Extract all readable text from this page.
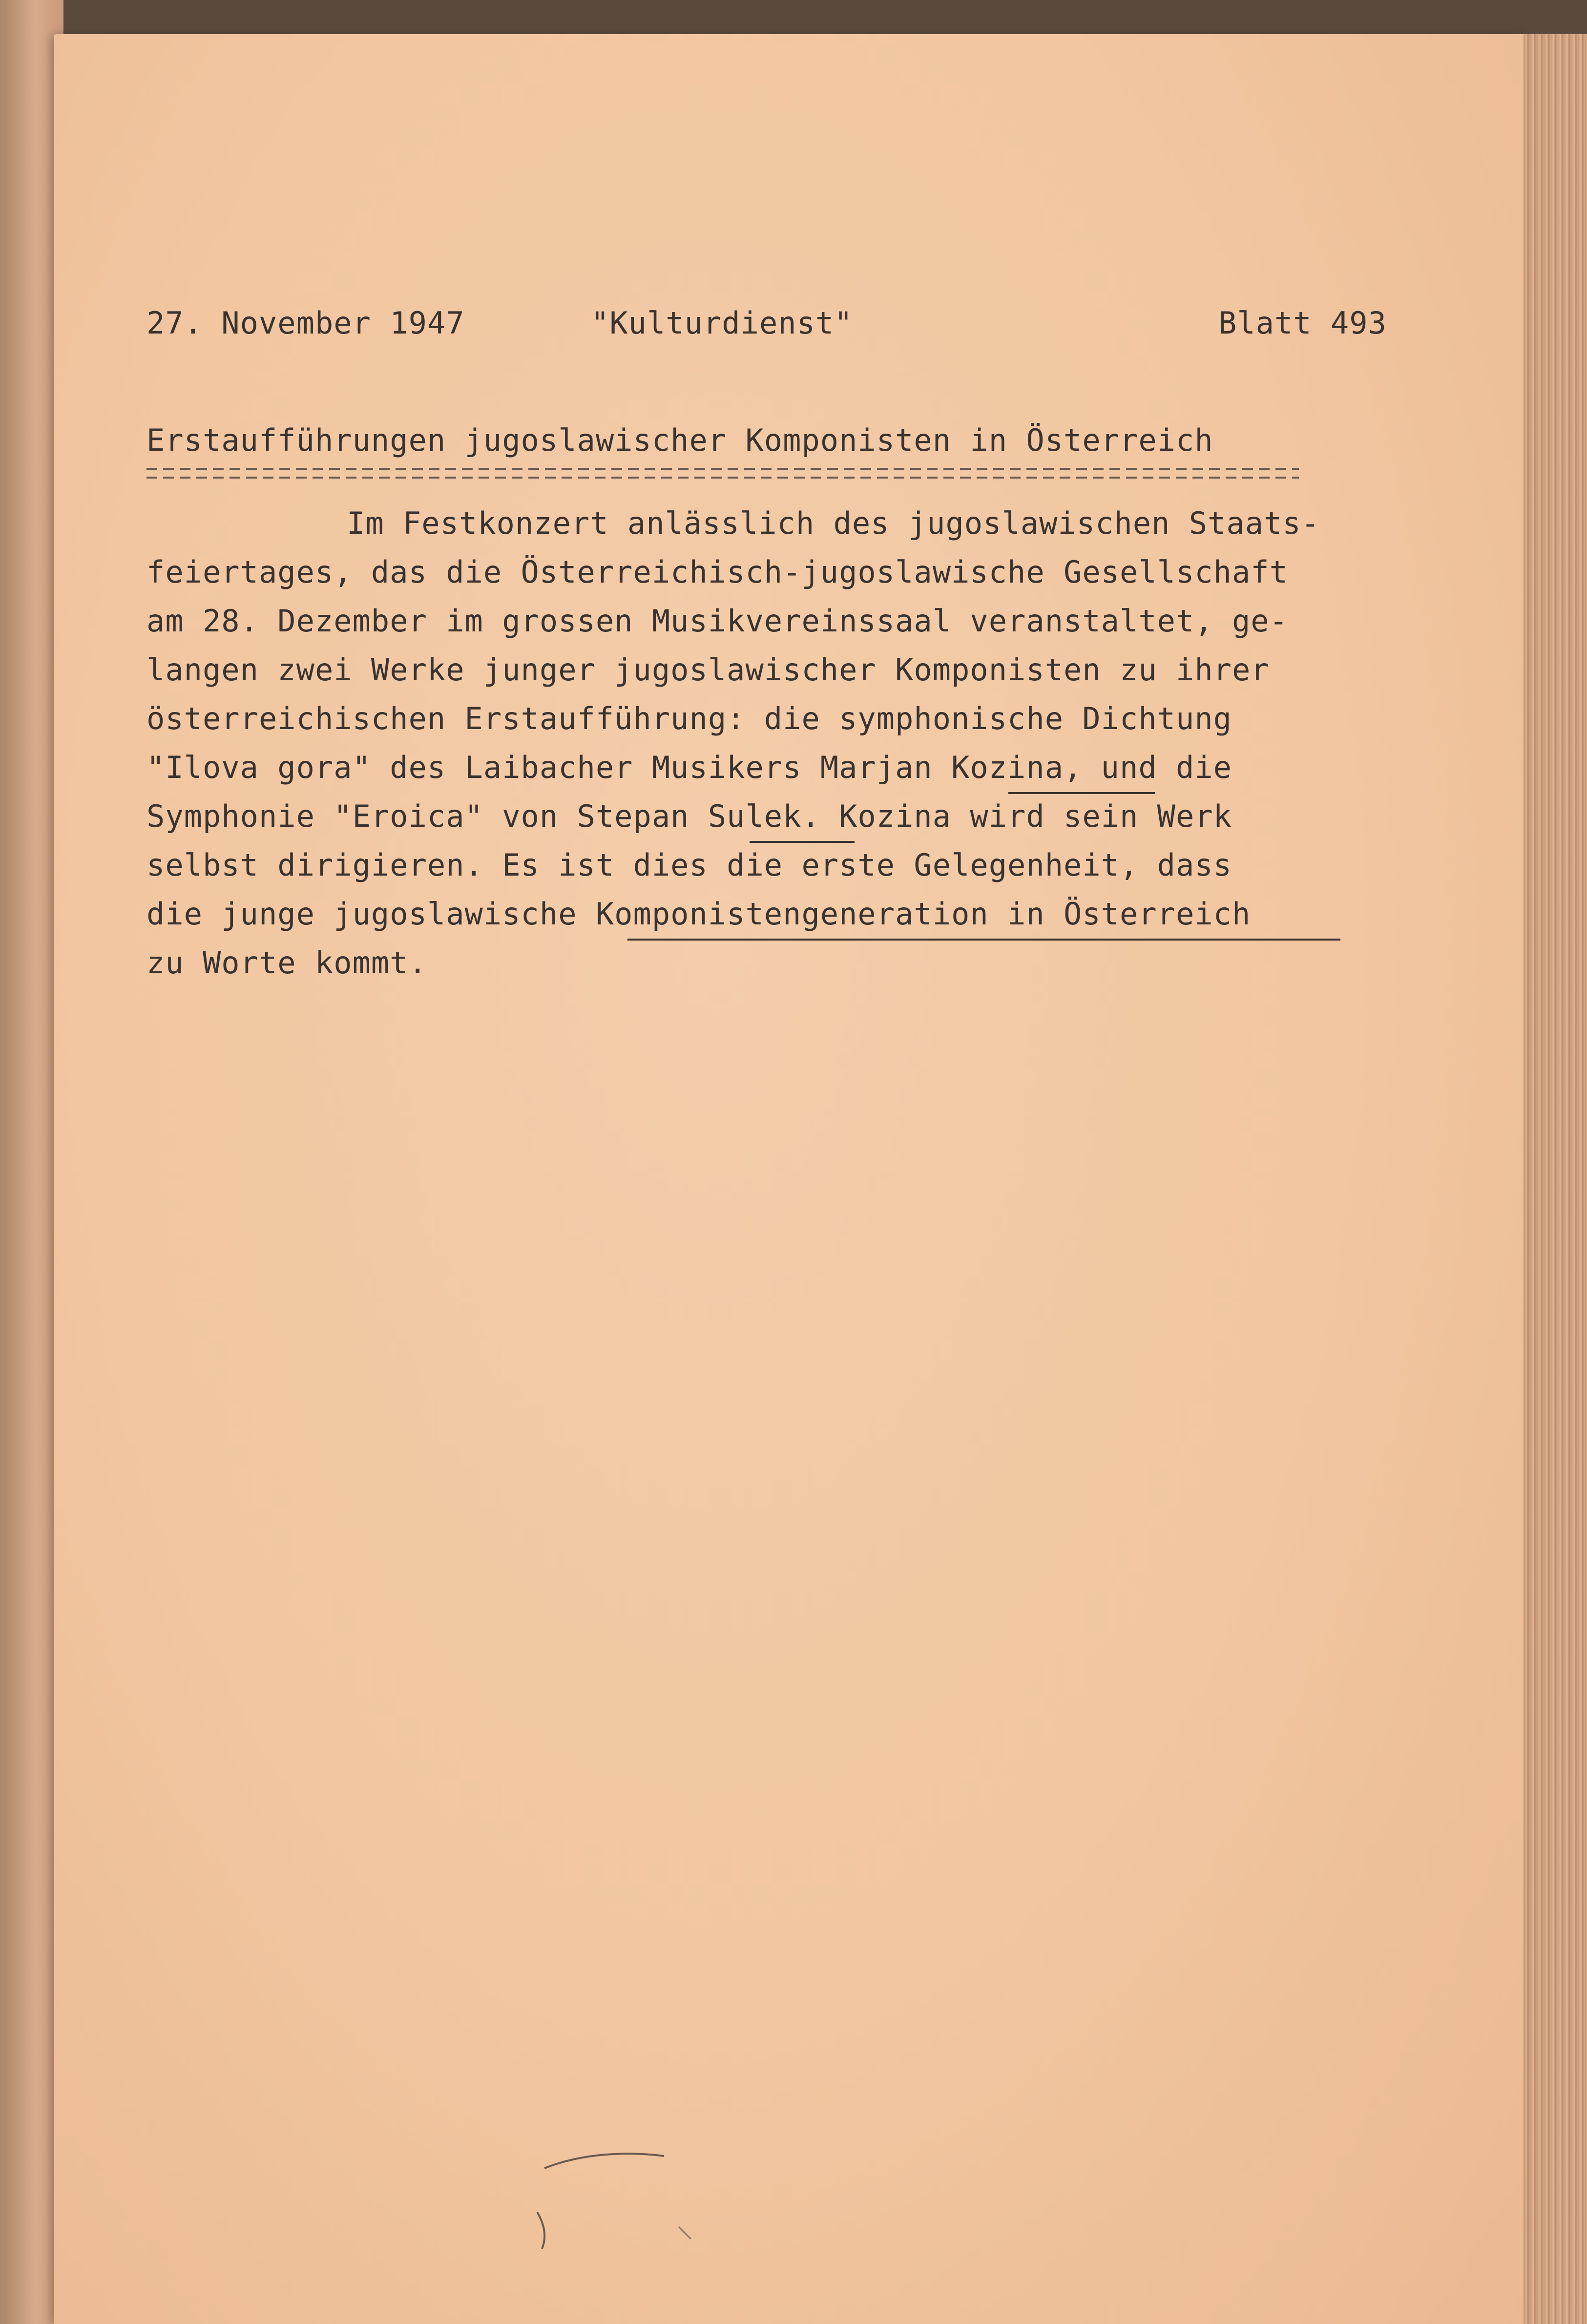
27. November 1947	"Kulturdienst"	Blatt 493
Erstaufführungen jugoslawischer Komponisten in Österreich
Im Festkonzert anlässlich des jugoslawischen Staats-
feiertages, das die Österreichisch-jugoslawische Gesellschaft
am 28. Dezember im grossen Musikvereinssaal veranstaltet, ge-
langen zwei Werke junger jugoslawischer Komponisten zu ihrer
österreichischen Erstaufführung: die symphonische Dichtung
"Ilova gora" des Laibacher Musikers Marjan Kozina, und die
Symphonie "Eroica" von Stepan Sulek. Kozina wird sein Werk
selbst dirigieren. Es ist dies die erste Gelegenheit, dass
die junge jugoslawische Komponistengeneration in Österreich
zu Worte kommt.
